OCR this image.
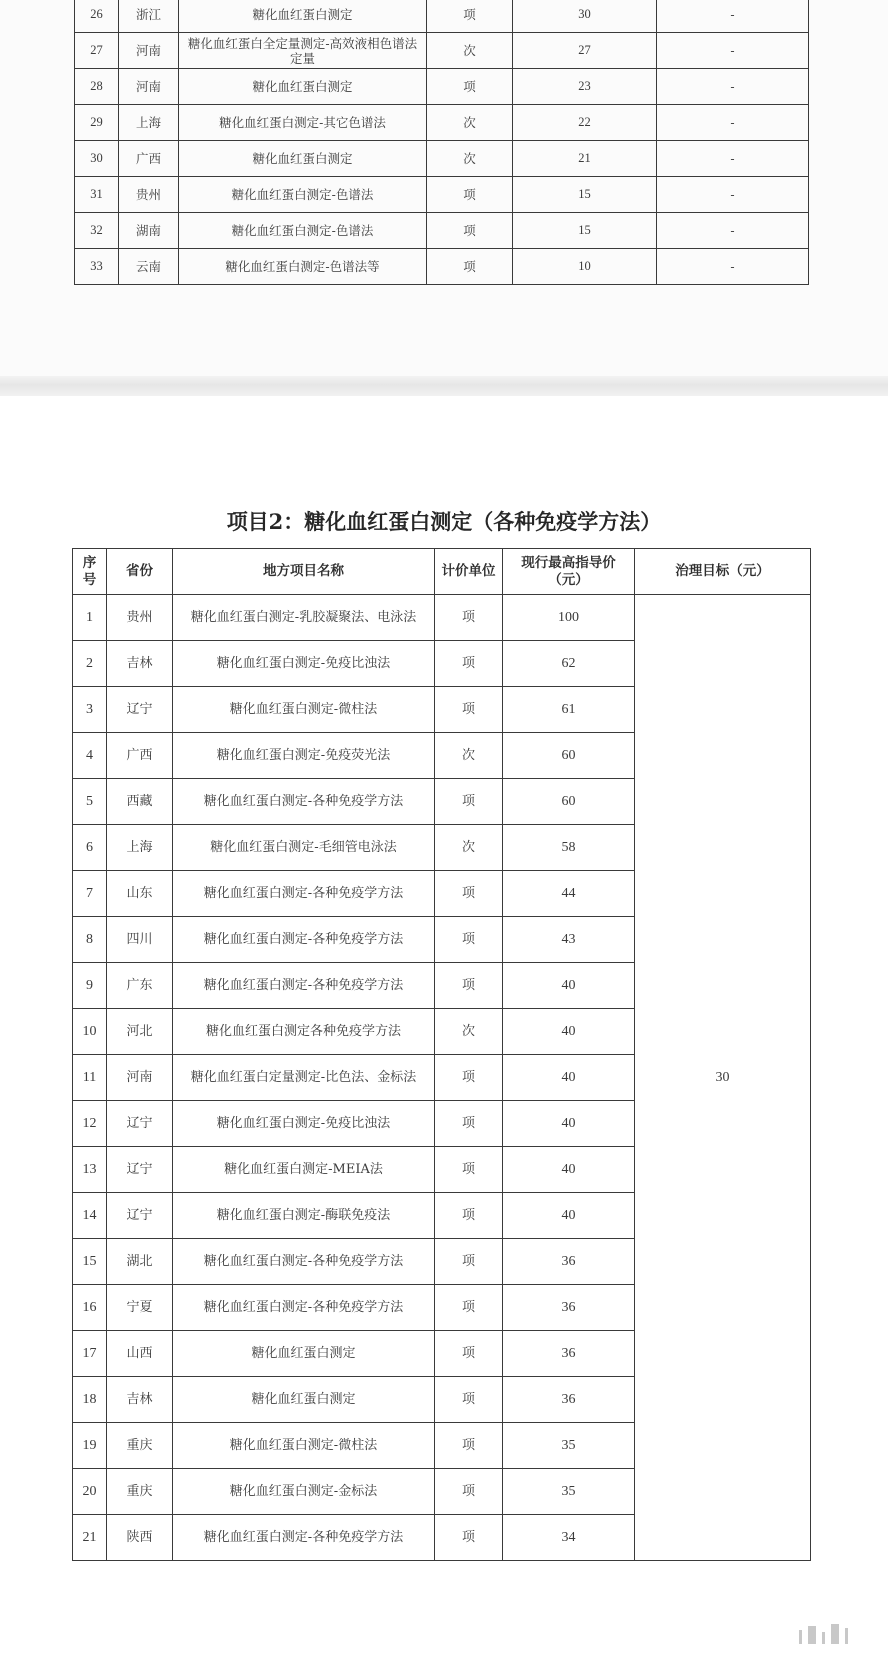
26	浙江	糖化血红蛋白测定	项	30	-
27	河南	糖化血红蛋白全定量测定-高效液相色谱法定量	次	27	-
28	河南	糖化血红蛋白测定	项	23	-
29	上海	糖化血红蛋白测定-其它色谱法	次	22	-
30	广西	糖化血红蛋白测定	次	21	-
31	贵州	糖化血红蛋白测定-色谱法	项	15	-
32	湖南	糖化血红蛋白测定-色谱法	项	15	-
33	云南	糖化血红蛋白测定-色谱法等	项	10	-
项目2：糖化血红蛋白测定（各种免疫学方法）
序号	省份	地方项目名称	计价单位	现行最高指导价（元）	治理目标（元）
1	贵州	糖化血红蛋白测定-乳胶凝聚法、电泳法	项	100	30
2	吉林	糖化血红蛋白测定-免疫比浊法	项	62	
3	辽宁	糖化血红蛋白测定-微柱法	项	61	
4	广西	糖化血红蛋白测定-免疫荧光法	次	60	
5	西藏	糖化血红蛋白测定-各种免疫学方法	项	60	
6	上海	糖化血红蛋白测定-毛细管电泳法	次	58	
7	山东	糖化血红蛋白测定-各种免疫学方法	项	44	
8	四川	糖化血红蛋白测定-各种免疫学方法	项	43	
9	广东	糖化血红蛋白测定-各种免疫学方法	项	40	
10	河北	糖化血红蛋白测定各种免疫学方法	次	40	
11	河南	糖化血红蛋白定量测定-比色法、金标法	项	40	
12	辽宁	糖化血红蛋白测定-免疫比浊法	项	40	
13	辽宁	糖化血红蛋白测定-MEIA法	项	40	
14	辽宁	糖化血红蛋白测定-酶联免疫法	项	40	
15	湖北	糖化血红蛋白测定-各种免疫学方法	项	36	
16	宁夏	糖化血红蛋白测定-各种免疫学方法	项	36	
17	山西	糖化血红蛋白测定	项	36	
18	吉林	糖化血红蛋白测定	项	36	
19	重庆	糖化血红蛋白测定-微柱法	项	35	
20	重庆	糖化血红蛋白测定-金标法	项	35	
21	陕西	糖化血红蛋白测定-各种免疫学方法	项	34	
